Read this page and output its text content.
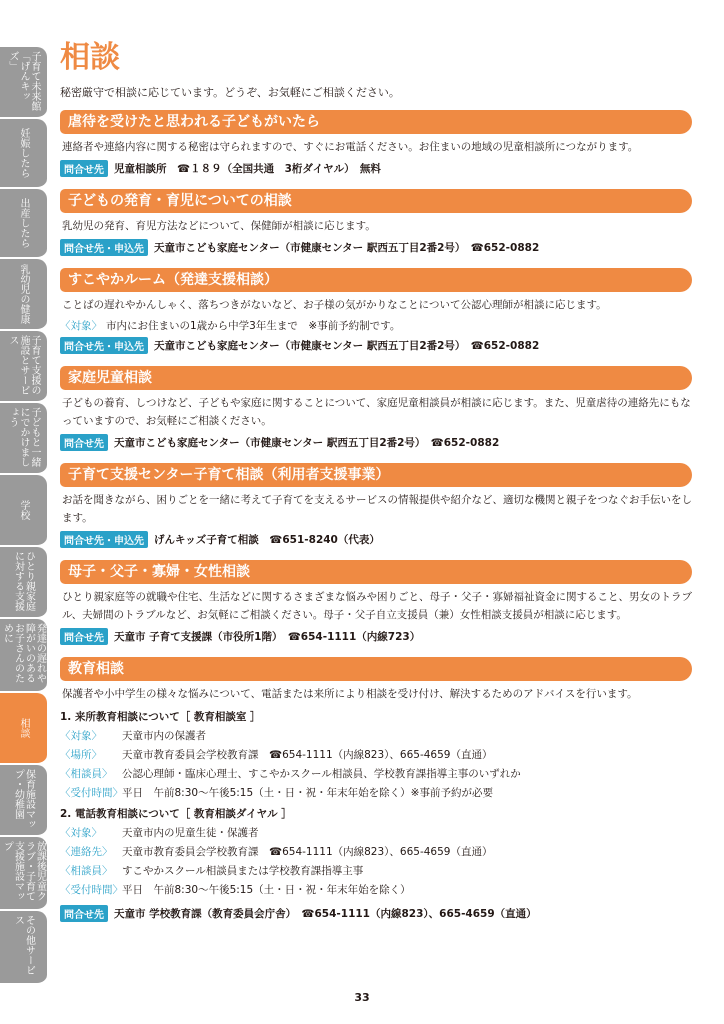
子育て未来館「げんキッズ」
妊娠したら
出産したら
乳幼児の健康
子育て支援の施設とサービス
子どもと一緒にでかけましょう
学校
ひとり親家庭に対する支援
発達の遅れや障がいのあるお子さんのために
相談
保育施設マップ・幼稚園
放課後児童クラブ・子育て支援施設マップ
その他サービス
相談
秘密厳守で相談に応じています。どうぞ、お気軽にご相談ください。
虐待を受けたと思われる子どもがいたら
連絡者や連絡内容に関する秘密は守られますので、すぐにお電話ください。お住まいの地域の児童相談所につながります。
問合せ先 児童相談所　☎１８９（全国共通　3桁ダイヤル）　無料
子どもの発育・育児についての相談
乳幼児の発育、育児方法などについて、保健師が相談に応じます。
問合せ先・申込先 天童市こども家庭センター（市健康センター 駅西五丁目2番2号）　☎652-0882
すこやかルーム（発達支援相談）
ことばの遅れやかんしゃく、落ちつきがないなど、お子様の気がかりなことについて公認心理師が相談に応じます。
〈対象〉 市内にお住まいの1歳から中学3年生まで　※事前予約制です。
問合せ先・申込先 天童市こども家庭センター（市健康センター 駅西五丁目2番2号）　☎652-0882
家庭児童相談
子どもの養育、しつけなど、子どもや家庭に関することについて、家庭児童相談員が相談に応じます。また、児童虐待の連絡先にもなっていますので、お気軽にご相談ください。
問合せ先 天童市こども家庭センター（市健康センター 駅西五丁目2番2号）　☎652-0882
子育て支援センター子育て相談（利用者支援事業）
お話を聞きながら、困りごとを一緒に考えて子育てを支えるサービスの情報提供や紹介など、適切な機関と親子をつなぐお手伝いをします。
問合せ先・申込先 げんキッズ子育て相談　☎651-8240（代表）
母子・父子・寡婦・女性相談
ひとり親家庭等の就職や住宅、生活などに関するさまざまな悩みや困りごと、母子・父子・寡婦福祉資金に関すること、男女のトラブル、夫婦間のトラブルなど、お気軽にご相談ください。母子・父子自立支援員（兼）女性相談支援員が相談に応じます。
問合せ先 天童市 子育て支援課（市役所1階）　☎654-1111（内線723）
教育相談
保護者や小中学生の様々な悩みについて、電話または来所により相談を受け付け、解決するためのアドバイスを行います。
1. 来所教育相談について［ 教育相談室 ］
〈対象〉	天童市内の保護者
〈場所〉	天童市教育委員会学校教育課　☎654-1111（内線823）、665-4659（直通）
〈相談員〉 公認心理師・臨床心理士、すこやかスクール相談員、学校教育課指導主事のいずれか
〈受付時間〉 平日　午前8:30～午後5:15（土・日・祝・年末年始を除く）※事前予約が必要
2. 電話教育相談について［ 教育相談ダイヤル ］
〈対象〉	天童市内の児童生徒・保護者
〈連絡先〉 天童市教育委員会学校教育課　☎654-1111（内線823）、665-4659（直通）
〈相談員〉 すこやかスクール相談員または学校教育課指導主事
〈受付時間〉 平日　午前8:30～午後5:15（土・日・祝・年末年始を除く）
問合せ先 天童市 学校教育課（教育委員会庁舎）　☎654-1111（内線823）、665-4659（直通）
33
